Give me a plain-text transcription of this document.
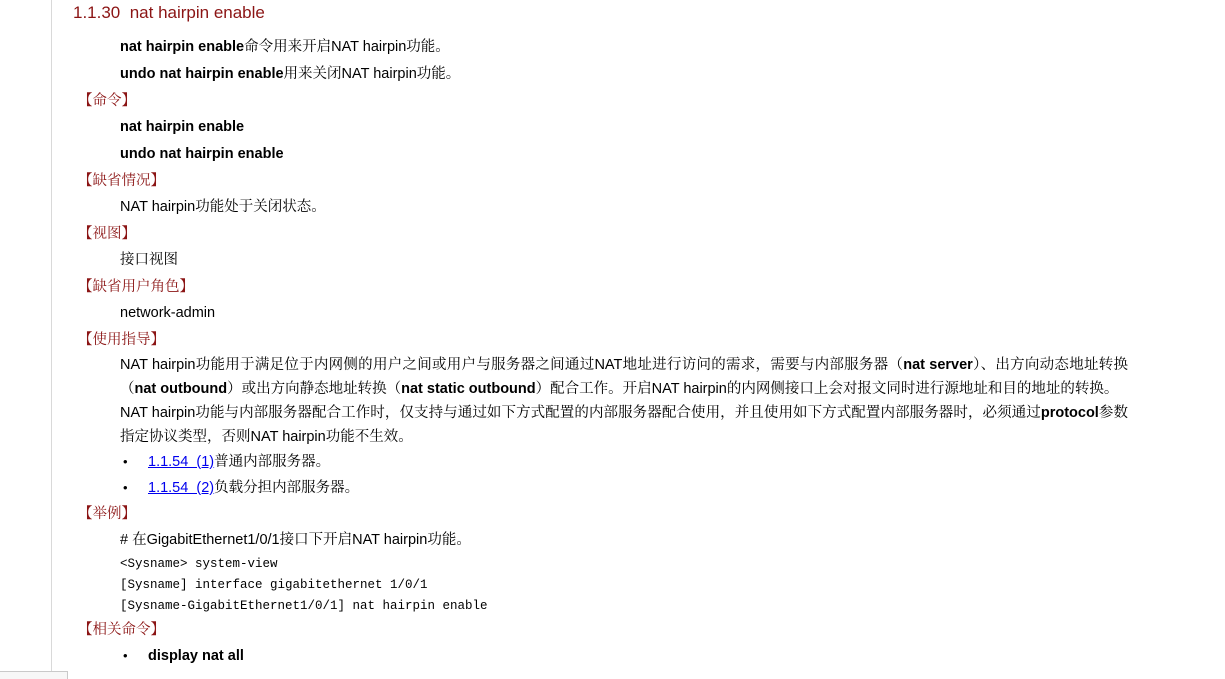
1.1.30  nat hairpin enable
nat hairpin enable命令用来开启NAT hairpin功能。
undo nat hairpin enable用来关闭NAT hairpin功能。
【命令】
nat hairpin enable
undo nat hairpin enable
【缺省情况】
NAT hairpin功能处于关闭状态。
【视图】
接口视图
【缺省用户角色】
network-admin
【使用指导】
NAT hairpin功能用于满足位于内网侧的用户之间或用户与服务器之间通过NAT地址进行访问的需求，需要与内部服务器（nat server）、出方向动态地址转换（nat outbound）或出方向静态地址转换（nat static outbound）配合工作。开启NAT hairpin的内网侧接口上会对报文同时进行源地址和目的地址的转换。
NAT hairpin功能与内部服务器配合工作时，仅支持与通过如下方式配置的内部服务器配合使用，并且使用如下方式配置内部服务器时，必须通过protocol参数指定协议类型，否则NAT hairpin功能不生效。
•1.1.54  (1)普通内部服务器。
•1.1.54  (2)负载分担内部服务器。
【举例】
# 在GigabitEthernet1/0/1接口下开启NAT hairpin功能。
<Sysname> system-view
[Sysname] interface gigabitethernet 1/0/1
[Sysname-GigabitEthernet1/0/1] nat hairpin enable
【相关命令】
•display nat all
